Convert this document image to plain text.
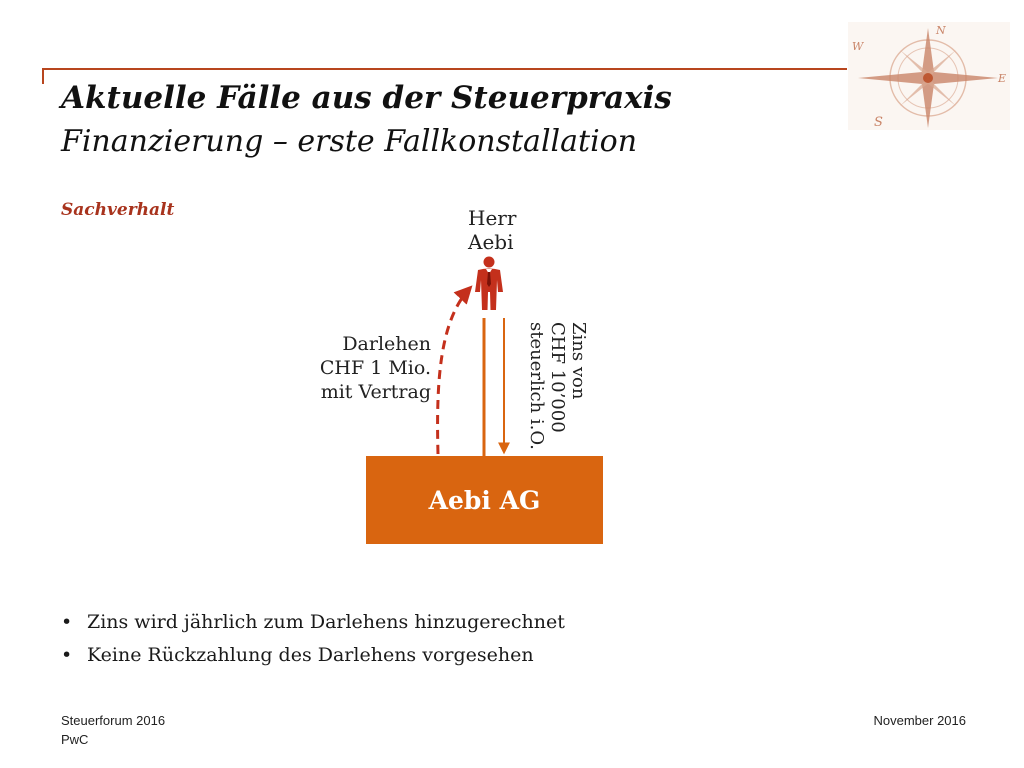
N
E
S
W
Aktuelle Fälle aus der Steuerpraxis
Finanzierung – erste Fallkonstallation
Sachverhalt	Herr
Aebi
Darlehen
CHF 1 Mio.
mit Vertrag	Zins von
CHF 10’000
steuerlich i.O.
Aebi AG
• Zins wird jährlich zum Darlehens hinzugerechnet
• Keine Rückzahlung des Darlehens vorgesehen
Steuerforum 2016
PwC
November 2016
